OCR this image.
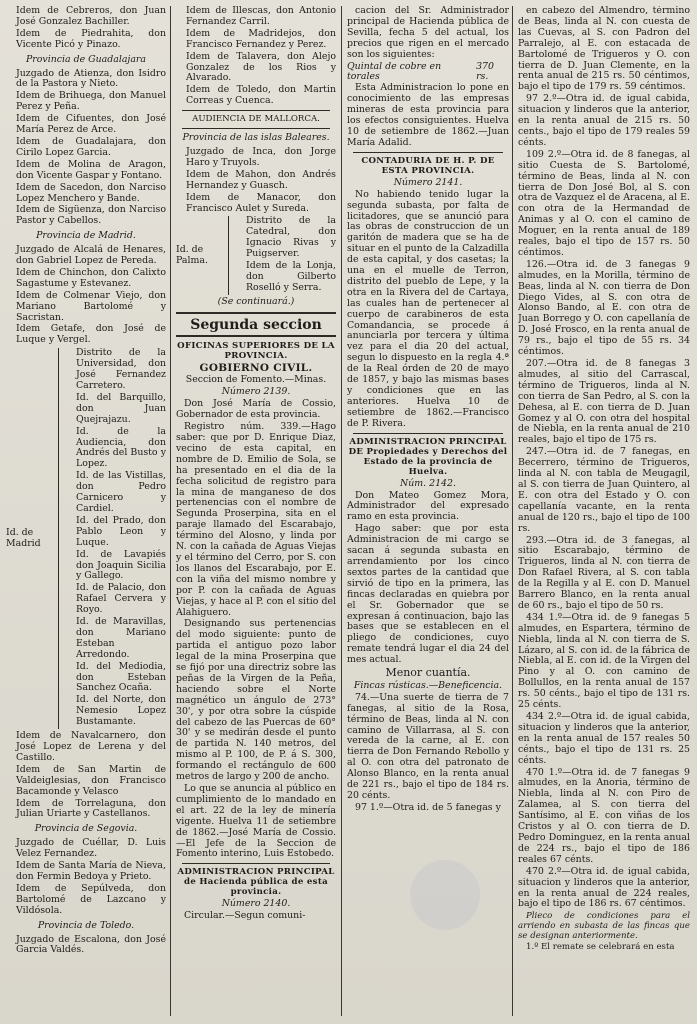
Idem de Cebreros, don Juan José Gonzalez Bachiller.

Idem de Piedrahita, don Vicente Picó y Pinazo.

Provincia de Guadalajara

Juzgado de Atienza, don Isidro de la Pastora y Nieto.

Idem de Brihuega, don Manuel Perez y Peña.

Idem de Cifuentes, don José María Perez de Arce.

Idem de Guadalajara, don Cirilo Lopez Garcia.

Idem de Molina de Aragon, don Vicente Gaspar y Fontano.

Idem de Sacedon, don Narciso Lopez Menchero y Bande.

Idem de Sigüenza, don Narciso Pastor y Cabellos.

Provincia de Madrid.

Juzgado de Alcalá de Henares, don Gabriel Lopez de Pereda.

Idem de Chinchon, don Calixto Sagastume y Estevanez.

Idem de Colmenar Viejo, don Mariano Bartolomé y Sacristan.

Idem Getafe, don José de Luque y Vergel.

Id. de Madrid

Distrito de la Universidad, don José Fernandez Carretero.

Id. del Barquillo, don Juan Quejrajazu.

Id. de la Audiencia, don Andrés del Busto y Lopez.

Id. de las Vistillas, don Pedro Carnicero y Cardiel.

Id. del Prado, don Pablo Leon y Luque.

Id. de Lavapiés don Joaquin Sicilia y Gallego.

Id. de Palacio, don Rafael Cervera y Royo.

Id. de Maravillas, don Mariano Esteban Arredondo.

Id. del Mediodia, don Esteban Sanchez Ocaña.

Id. del Norte, don Nemesio Lopez Bustamante.

Idem de Navalcarnero, don José Lopez de Lerena y del Castillo.

Idem de San Martin de Valdeiglesias, don Francisco Bacamonde y Velasco

Idem de Torrelaguna, don Julian Uriarte y Castellanos.

Provincia de Segovia.

Juzgado de Cuéllar, D. Luis Velez Fernandez.

Idem de Santa María de Nieva, don Fermin Bedoya y Prieto.

Idem de Sepúlveda, don Bartolomé de Lazcano y Vildósola.

Provincia de Toledo.

Juzgado de Escalona, don José Garcia Valdés.

Idem de Illescas, don Antonio Fernandez Carril.

Idem de Madridejos, don Francisco Fernandez y Perez.

Idem de Talavera, don Alejo Gonzalez de los Rios y Alvarado.

Idem de Toledo, don Martin Correas y Cuenca.

AUDIENCIA DE MALLORCA.

Provincia de las islas Baleares.

Juzgado de Inca, don Jorge Haro y Truyols.

Idem de Mahon, don Andrés Hernandez y Guasch.

Idem de Manacor, don Francisco Aulet y Sureda.

Id. de Palma.

Distrito de la Catedral, don Ignacio Rivas y Puigserver.

Idem de la Lonja, don Gilberto Roselló y Serra.

(Se continuará.)

Segunda seccion

OFICINAS SUPERIORES DE LA PROVINCIA.

GOBIERNO CIVIL.

Seccion de Fomento.—Minas.

Número 2139.

Don José María de Cossio, Gobernador de esta provincia.

Registro núm. 339.—Hago saber: que por D. Enrique Diaz, vecino de esta capital, en nombre de D. Emilio de Sola, se ha presentado en el dia de la fecha solicitud de registro para la mina de manganeso de dos pertenencias con el nombre de Segunda Proserpina, sita en el paraje llamado del Escarabajo, término del Alosno, y linda por N. con la cañada de Aguas Viejas y el término del Cerro, por S. con los llanos del Escarabajo, por E. con la viña del mismo nombre y por P. con la cañada de Aguas Viejas, y hace al P. con el sitio del Alahiguero.

Designando sus pertenencias del modo siguiente: punto de partida el antiguo pozo labor legal de la mina Proserpina que se fijó por una directriz sobre las peñas de la Virgen de la Peña, haciendo sobre el Norte magnético un ángulo de 273° 30', y por otra sobre la cúspide del cabezo de las Puercas de 60° 30' y se medirán desde el punto de partida N. 140 metros, del mismo al P. 100, de P. á S. 300, formando el rectángulo de 600 metros de largo y 200 de ancho.

Lo que se anuncia al público en cumplimiento de lo mandado en el art. 22 de la ley de minería vigente. Huelva 11 de setiembre de 1862.—José María de Cossio.—El Jefe de la Seccion de Fomento interino, Luis Estobedo.

ADMINISTRACION PRINCIPAL de Hacienda pública de esta provincia.

Número 2140.

Circular.—Segun comuni-

cacion del Sr. Administrador principal de Hacienda pública de Sevilla, fecha 5 del actual, los precios que rigen en el mercado son los siguientes:

Quintal de cobre en torales
370 rs.

Esta Administracion lo pone en conocimiento de las empresas mineras de esta provincia para los efectos consiguientes. Huelva 10 de setiembre de 1862.—Juan María Adalid.

CONTADURIA DE H. P. DE ESTA PROVINCIA.

Número 2141.

No habiendo tenido lugar la segunda subasta, por falta de licitadores, que se anunció para las obras de construccion de un garitón de madera que se ha de situar en el punto de la Calzadilla de esta capital, y dos casetas; la una en el muelle de Terron, distrito del pueblo de Lepe, y la otra en la Rivera del de Cartaya, las cuales han de pertenecer al cuerpo de carabineros de esta Comandancia, se procede á anunciarla por tercera y última vez para el dia 20 del actual, segun lo dispuesto en la regla 4.ª de la Real órden de 20 de mayo de 1857, y bajo las mismas bases y condiciones que en las anteriores. Huelva 10 de setiembre de 1862.—Francisco de P. Rivera.

ADMINISTRACION PRINCIPAL DE Propiedades y Derechos del Estado de la provincia de Huelva.

Núm. 2142.

Don Mateo Gomez Mora, Administrador del expresado ramo en esta provincia.

Hago saber: que por esta Administracion de mi cargo se sacan á segunda subasta en arrendamiento por los cinco sextos partes de la cantidad que sirvió de tipo en la primera, las fincas declaradas en quiebra por el Sr. Gobernador que se expresan á continuacion, bajo las bases que se establecen en el pliego de condiciones, cuyo remate tendrá lugar el dia 24 del mes actual.

Menor cuantía.

Fincas rústicas.—Beneficencia.

74.—Una suerte de tierra de 7 fanegas, al sitio de la Rosa, término de Beas, linda al N. con camino de Villarrasa, al S. con vereda de la carne, al E. con tierra de Don Fernando Rebollo y al O. con otra del patronato de Alonso Blanco, en la renta anual de 221 rs., bajo el tipo de 184 rs. 20 cénts.

97 1.º—Otra id. de 5 fanegas y

en cabezo del Almendro, término de Beas, linda al N. con cuesta de las Cuevas, al S. con Padron del Parralejo, al E. con estacada de Bartolomé de Trigueros y O. con tierra de D. Juan Clemente, en la renta anual de 215 rs. 50 céntimos, bajo el tipo de 179 rs. 59 céntimos.

97 2.º—Otra id. de igual cabida, situacion y linderos que la anterior, en la renta anual de 215 rs. 50 cents., bajo el tipo de 179 reales 59 cénts.

109 2.º—Otra id. de 8 fanegas, al sitio Cuesta de S. Bartolomé, término de Beas, linda al N. con tierra de Don José Bol, al S. con otra de Vazquez el de Aracena, al E. con otra de la Hermandad de Animas y al O. con el camino de Moguer, en la renta anual de 189 reales, bajo el tipo de 157 rs. 50 céntimos.

126.—Otra id. de 3 fanegas 9 almudes, en la Morilla, término de Beas, linda al N. con tierra de Don Diego Vides, al S. con otra de Alonso Bando, al E. con otra de Juan Borrego y O. con capellanía de D. José Frosco, en la renta anual de 79 rs., bajo el tipo de 55 rs. 34 céntimos.

207.—Otra id. de 8 fanegas 3 almudes, al sitio del Carrascal, término de Trigueros, linda al N. con tierra de San Pedro, al S. con la Dehesa, al E. con tierra de D. Juan Gomez y al O. con otra del hospital de Niebla, en la renta anual de 210 reales, bajo el tipo de 175 rs.

247.—Otra id. de 7 fanegas, en Becerrero, término de Trigueros, linda al N. con tabla de Meugagil, al S. con tierra de Juan Quintero, al E. con otra del Estado y O. con capellanía vacante, en la renta anual de 120 rs., bajo el tipo de 100 rs.

293.—Otra id. de 3 fanegas, al sitio Escarabajo, término de Trigueros, linda al N. con tierra de Don Rafael Rivera, al S. con tabla de la Regilla y al E. con D. Manuel Barrero Blanco, en la renta anual de 60 rs., bajo el tipo de 50 rs.

434 1.º—Otra id. de 9 fanegas 5 almudes, en Espartera, término de Niebla, linda al N. con tierra de S. Lázaro, al S. con id. de la fábrica de Niebla, al E. con id. de la Virgen del Pino y al O. con camino de Bollullos, en la renta anual de 157 rs. 50 cénts., bajo el tipo de 131 rs. 25 cénts.

434 2.º—Otra id. de igual cabida, situacion y linderos que la anterior, en la renta anual de 157 reales 50 cénts., bajo el tipo de 131 rs. 25 cénts.

470 1.º—Otra id. de 7 fanegas 9 almudes, en la Anoria, término de Niebla, linda al N. con Piro de Zalamea, al S. con tierra del Santísimo, al E. con viñas de los Cristos y al O. con tierra de D. Pedro Dominguez, en la renta anual de 224 rs., bajo el tipo de 186 reales 67 cénts.

470 2.º—Otra id. de igual cabida, situacion y linderos que la anterior, en la renta anual de 224 reales, bajo el tipo de 186 rs. 67 céntimos.

Plieco de condiciones para el arriendo en subasta de las fincas que se designan anteriormente.

1.º El remate se celebrará en esta
